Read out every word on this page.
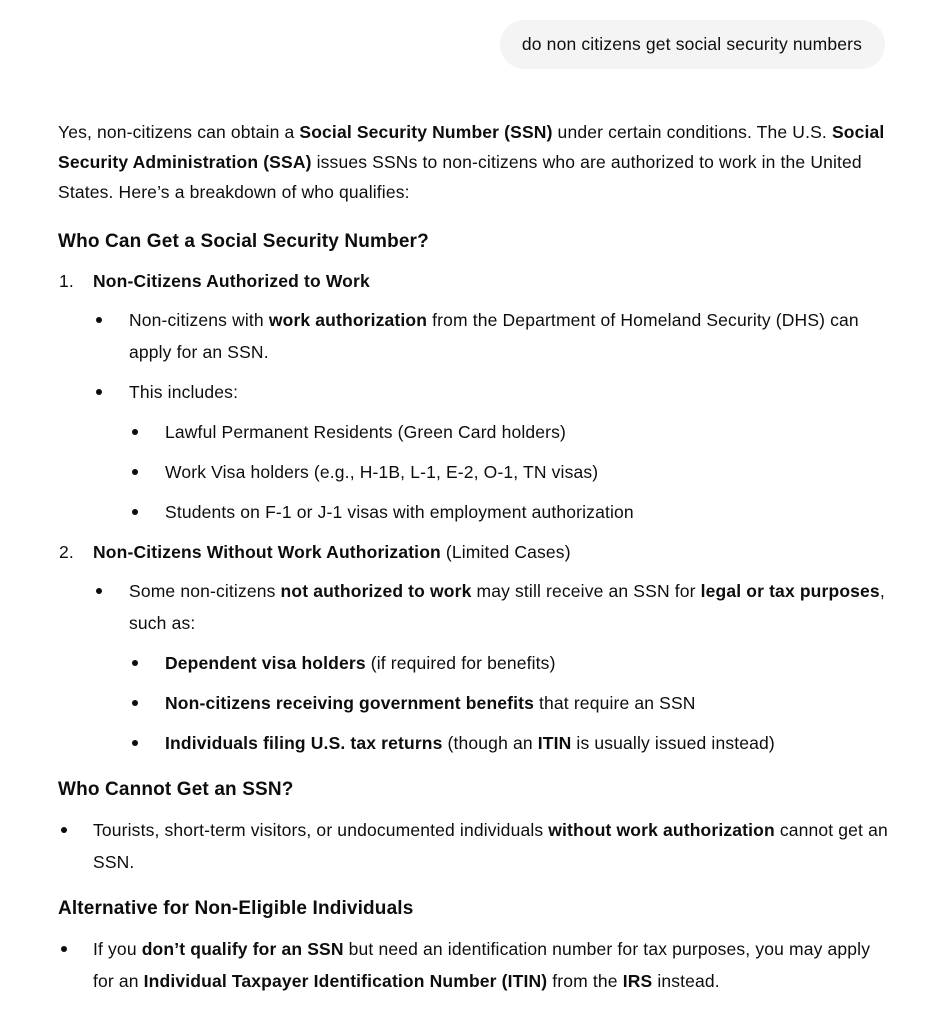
do non citizens get social security numbers

Yes, non-citizens can obtain a Social Security Number (SSN) under certain conditions. The U.S. Social Security Administration (SSA) issues SSNs to non-citizens who are authorized to work in the United States. Here’s a breakdown of who qualifies:

Who Can Get a Social Security Number?
1. Non-Citizens Authorized to Work
Non-citizens with work authorization from the Department of Homeland Security (DHS) can apply for an SSN.
This includes:
Lawful Permanent Residents (Green Card holders)
Work Visa holders (e.g., H-1B, L-1, E-2, O-1, TN visas)
Students on F-1 or J-1 visas with employment authorization
2. Non-Citizens Without Work Authorization (Limited Cases)
Some non-citizens not authorized to work may still receive an SSN for legal or tax purposes, such as:
Dependent visa holders (if required for benefits)
Non-citizens receiving government benefits that require an SSN
Individuals filing U.S. tax returns (though an ITIN is usually issued instead)
Who Cannot Get an SSN?
Tourists, short-term visitors, or undocumented individuals without work authorization cannot get an SSN.
Alternative for Non-Eligible Individuals
If you don’t qualify for an SSN but need an identification number for tax purposes, you may apply for an Individual Taxpayer Identification Number (ITIN) from the IRS instead.
